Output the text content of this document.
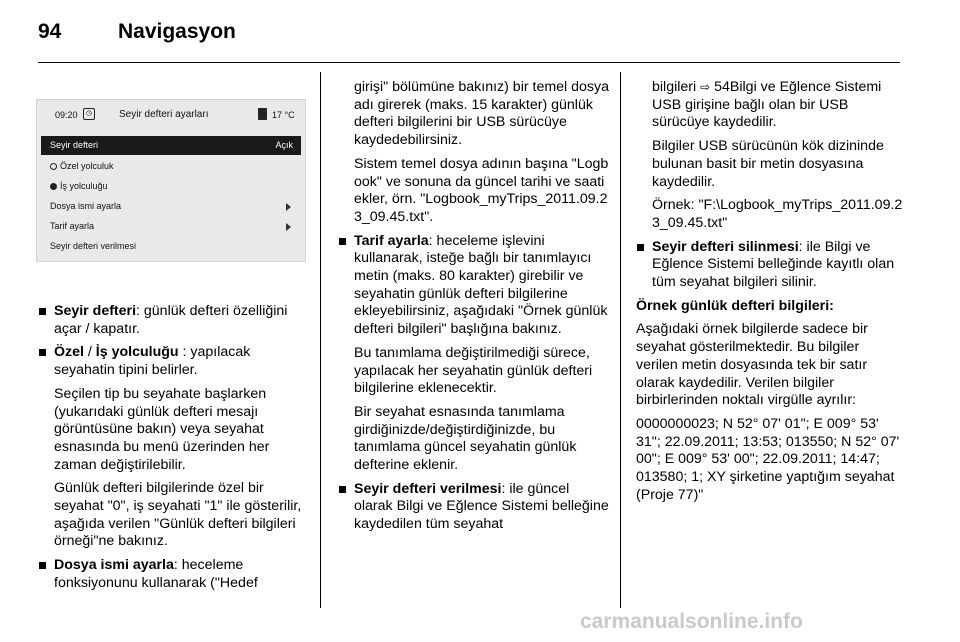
94	Navigasyon
09:20	◷	Seyir defteri ayarları	17 °C
Seyir defteri	Açık
Özel yolculuk
İş yolculuğu
Dosya ismi ayarla
Tarif ayarla
Seyir defteri verilmesi
Seyir defteri: günlük defteri özelliğini açar / kapatır.
Özel / İş yolculuğu : yapılacak seyahatin tipini belirler.

Seçilen tip bu seyahate başlarken (yukarıdaki günlük defteri mesajı görüntüsüne bakın) veya seyahat esnasında bu menü üzerinden her zaman değiştirilebilir.

Günlük defteri bilgilerinde özel bir seyahat "0", iş seyahati "1" ile gösterilir, aşağıda verilen "Günlük defteri bilgileri örneği"ne bakınız.

Dosya ismi ayarla: heceleme fonksiyonunu kullanarak ("Hedef

girişi" bölümüne bakınız) bir temel dosya adı girerek (maks. 15 karakter) günlük defteri bilgilerini bir USB sürücüye kaydedebilirsiniz.

Sistem temel dosya adının başına "Logbook" ve sonuna da güncel tarihi ve saati ekler, örn. "Logbook_myTrips_2011.09.23_09.45.txt".

Tarif ayarla: heceleme işlevini kullanarak, isteğe bağlı bir tanımlayıcı metin (maks. 80 karakter) girebilir ve seyahatin günlük defteri bilgilerine ekleyebilirsiniz, aşağıdaki "Örnek günlük defteri bilgileri" başlığına bakınız.

Bu tanımlama değiştirilmediği sürece, yapılacak her seyahatin günlük defteri bilgilerine eklenecektir.

Bir seyahat esnasında tanımlama girdiğinizde/değiştirdiğinizde, bu tanımlama güncel seyahatin günlük defterine eklenir.

Seyir defteri verilmesi: ile güncel olarak Bilgi ve Eğlence Sistemi belleğine kaydedilen tüm seyahat

bilgileri ⇨ 54Bilgi ve Eğlence Sistemi USB girişine bağlı olan bir USB sürücüye kaydedilir.

Bilgiler USB sürücünün kök dizininde bulunan basit bir metin dosyasına kaydedilir.

Örnek: "F:\Logbook_myTrips_2011.09.23_09.45.txt"

Seyir defteri silinmesi: ile Bilgi ve Eğlence Sistemi belleğinde kayıtlı olan tüm seyahat bilgileri silinir.

Örnek günlük defteri bilgileri:

Aşağıdaki örnek bilgilerde sadece bir seyahat gösterilmektedir. Bu bilgiler verilen metin dosyasında tek bir satır olarak kaydedilir. Verilen bilgiler birbirlerinden noktalı virgülle ayrılır:

0000000023; N 52° 07' 01"; E 009° 53' 31"; 22.09.2011; 13:53; 013550; N 52° 07' 00"; E 009° 53' 00"; 22.09.2011; 14:47; 013580; 1; XY şirketine yaptığım seyahat (Proje 77)"

carmanualsonline.info
